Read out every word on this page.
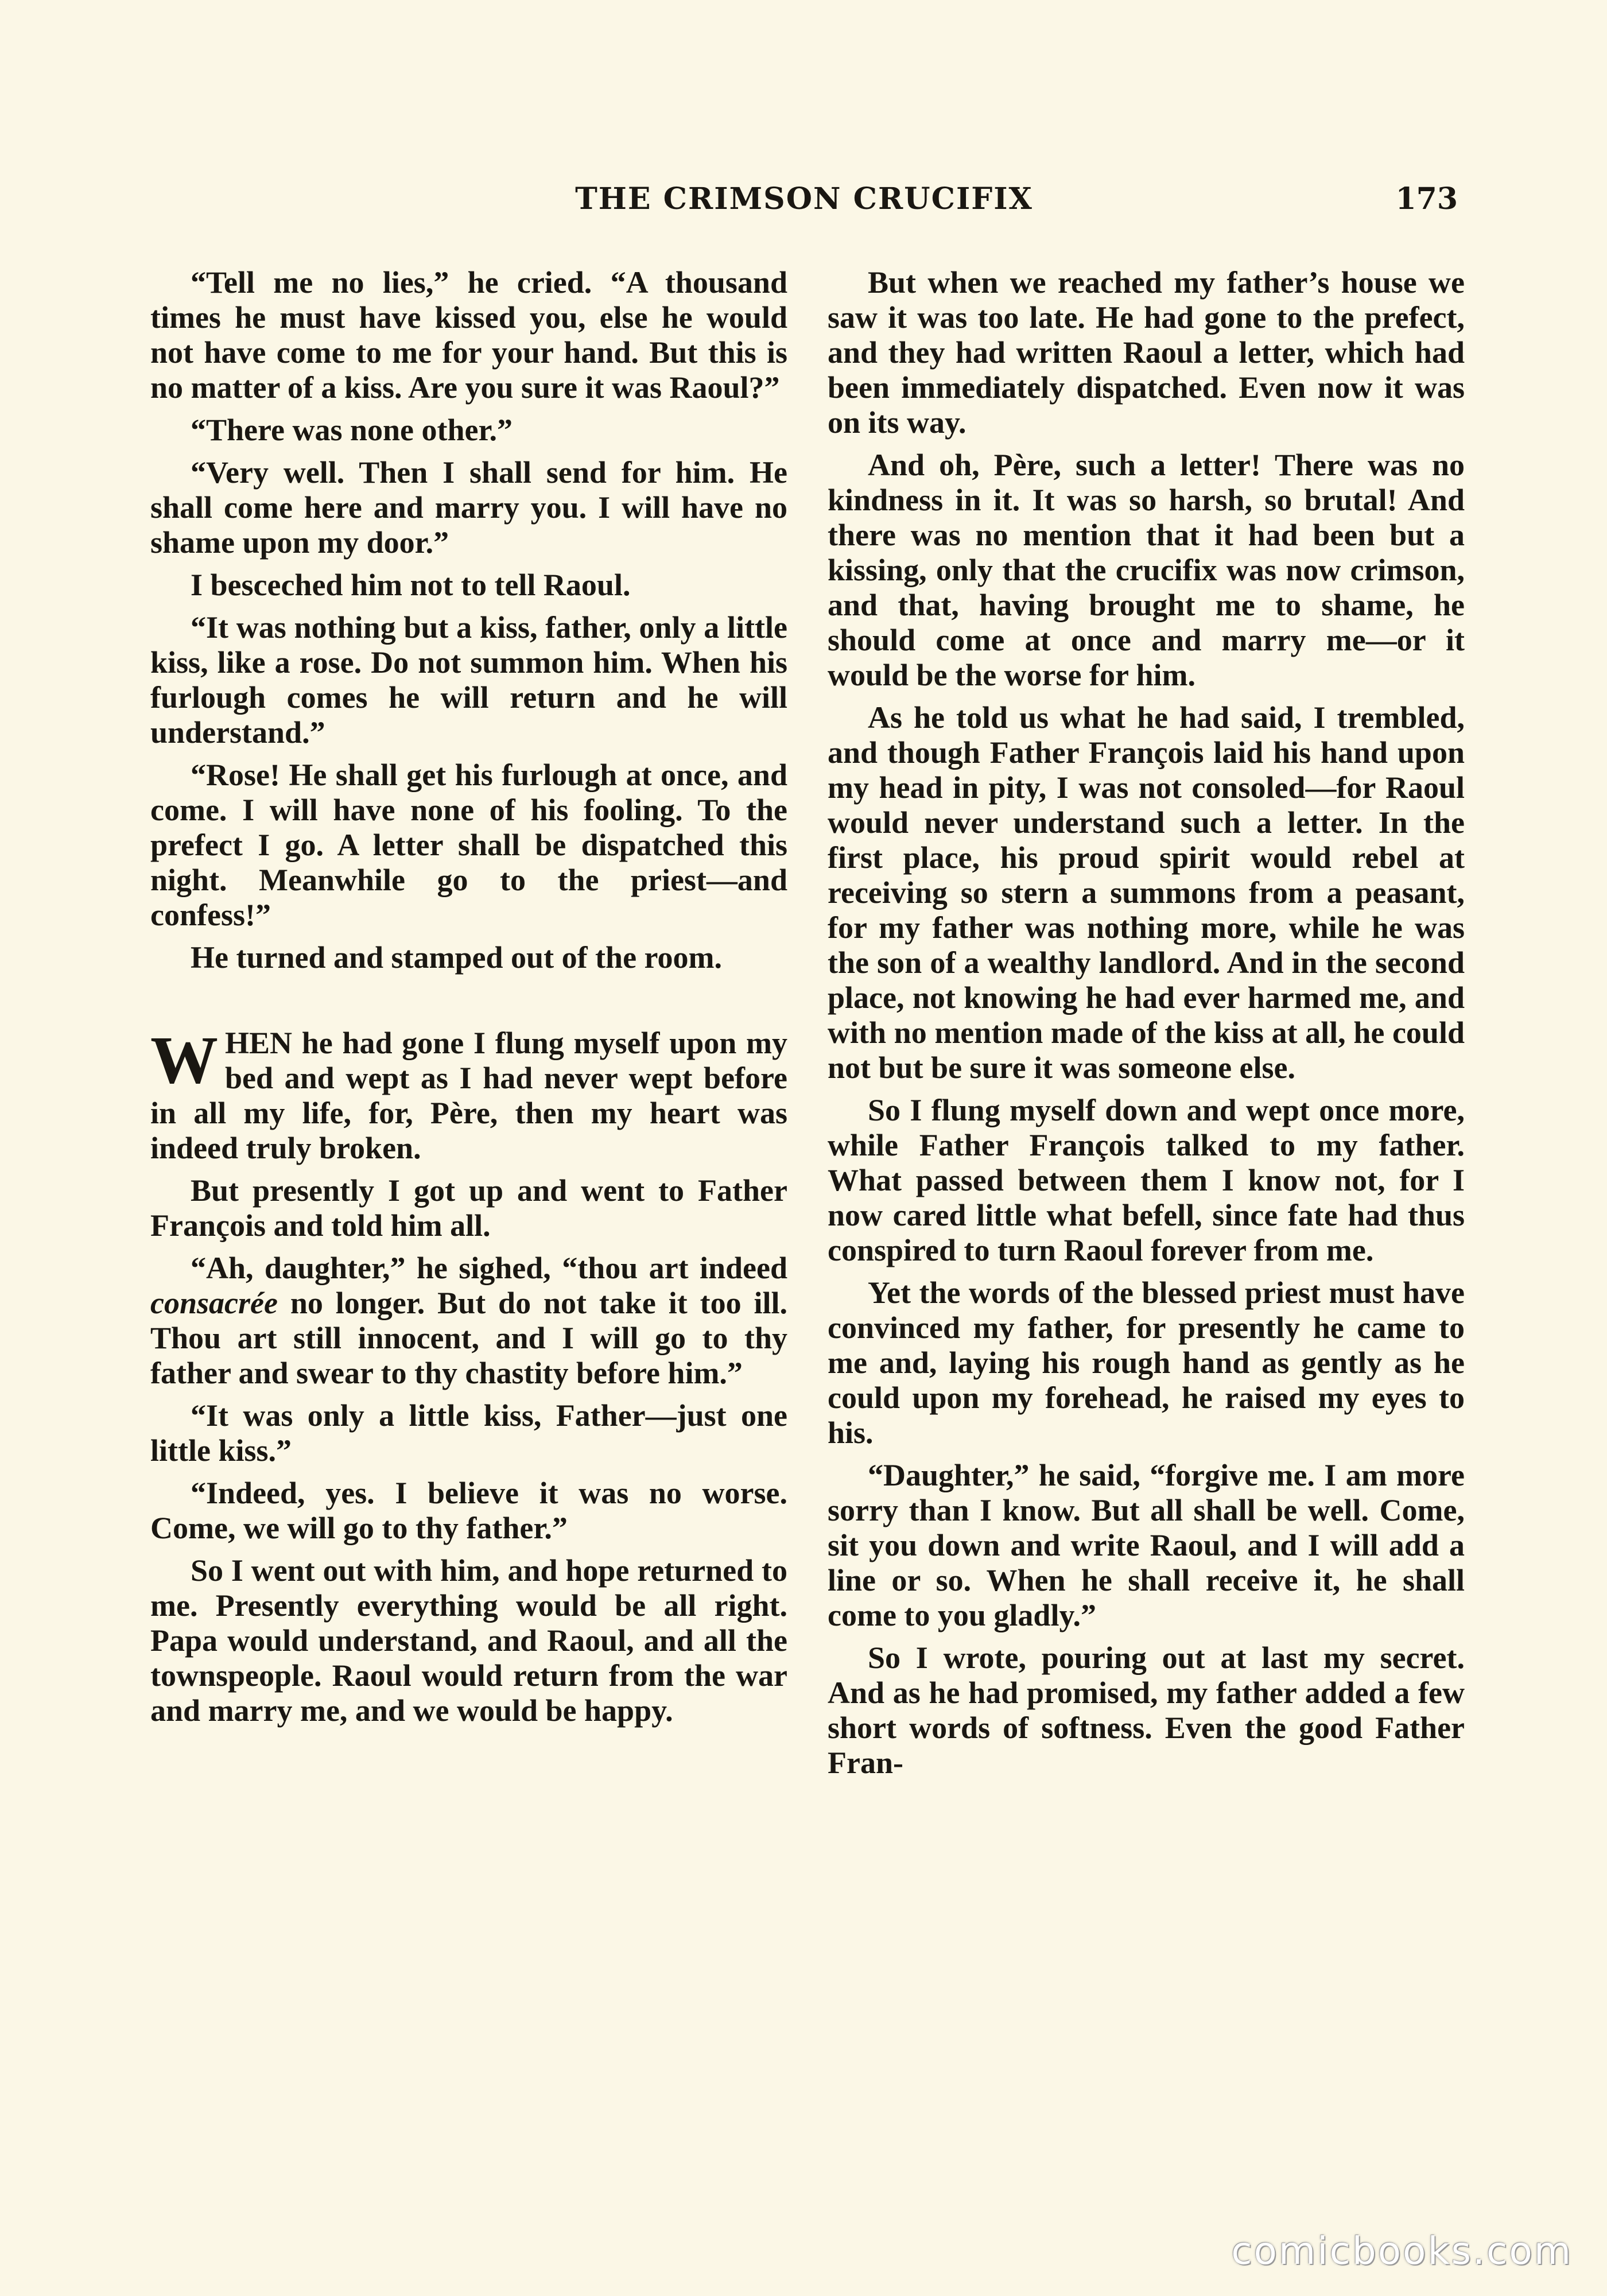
THE CRIMSON CRUCIFIX	173

“Tell me no lies,” he cried. “A thousand times he must have kissed you, else he would not have come to me for your hand. But this is no matter of a kiss. Are you sure it was Raoul?”

“There was none other.”

“Very well. Then I shall send for him. He shall come here and marry you. I will have no shame upon my door.”

I besceched him not to tell Raoul.

“It was nothing but a kiss, father, only a little kiss, like a rose. Do not summon him. When his furlough comes he will return and he will understand.”

“Rose! He shall get his furlough at once, and come. I will have none of his fooling. To the prefect I go. A letter shall be dispatched this night. Meanwhile go to the priest—and confess!”

He turned and stamped out of the room.

WHEN he had gone I flung myself upon my bed and wept as I had never wept before in all my life, for, Père, then my heart was indeed truly broken.

But presently I got up and went to Father François and told him all.

“Ah, daughter,” he sighed, “thou art indeed consacrée no longer. But do not take it too ill. Thou art still innocent, and I will go to thy father and swear to thy chastity before him.”

“It was only a little kiss, Father—just one little kiss.”

“Indeed, yes. I believe it was no worse. Come, we will go to thy father.”

So I went out with him, and hope returned to me. Presently everything would be all right. Papa would understand, and Raoul, and all the townspeople. Raoul would return from the war and marry me, and we would be happy.

But when we reached my father’s house we saw it was too late. He had gone to the prefect, and they had written Raoul a letter, which had been immediately dispatched. Even now it was on its way.

And oh, Père, such a letter! There was no kindness in it. It was so harsh, so brutal! And there was no mention that it had been but a kissing, only that the crucifix was now crimson, and that, having brought me to shame, he should come at once and marry me—or it would be the worse for him.

As he told us what he had said, I trembled, and though Father François laid his hand upon my head in pity, I was not consoled—for Raoul would never understand such a letter. In the first place, his proud spirit would rebel at receiving so stern a summons from a peasant, for my father was nothing more, while he was the son of a wealthy landlord. And in the second place, not knowing he had ever harmed me, and with no mention made of the kiss at all, he could not but be sure it was someone else.

So I flung myself down and wept once more, while Father François talked to my father. What passed between them I know not, for I now cared little what befell, since fate had thus conspired to turn Raoul forever from me.

Yet the words of the blessed priest must have convinced my father, for presently he came to me and, laying his rough hand as gently as he could upon my forehead, he raised my eyes to his.

“Daughter,” he said, “forgive me. I am more sorry than I know. But all shall be well. Come, sit you down and write Raoul, and I will add a line or so. When he shall receive it, he shall come to you gladly.”

So I wrote, pouring out at last my secret. And as he had promised, my father added a few short words of softness. Even the good Father Fran-

comicbooks.com
